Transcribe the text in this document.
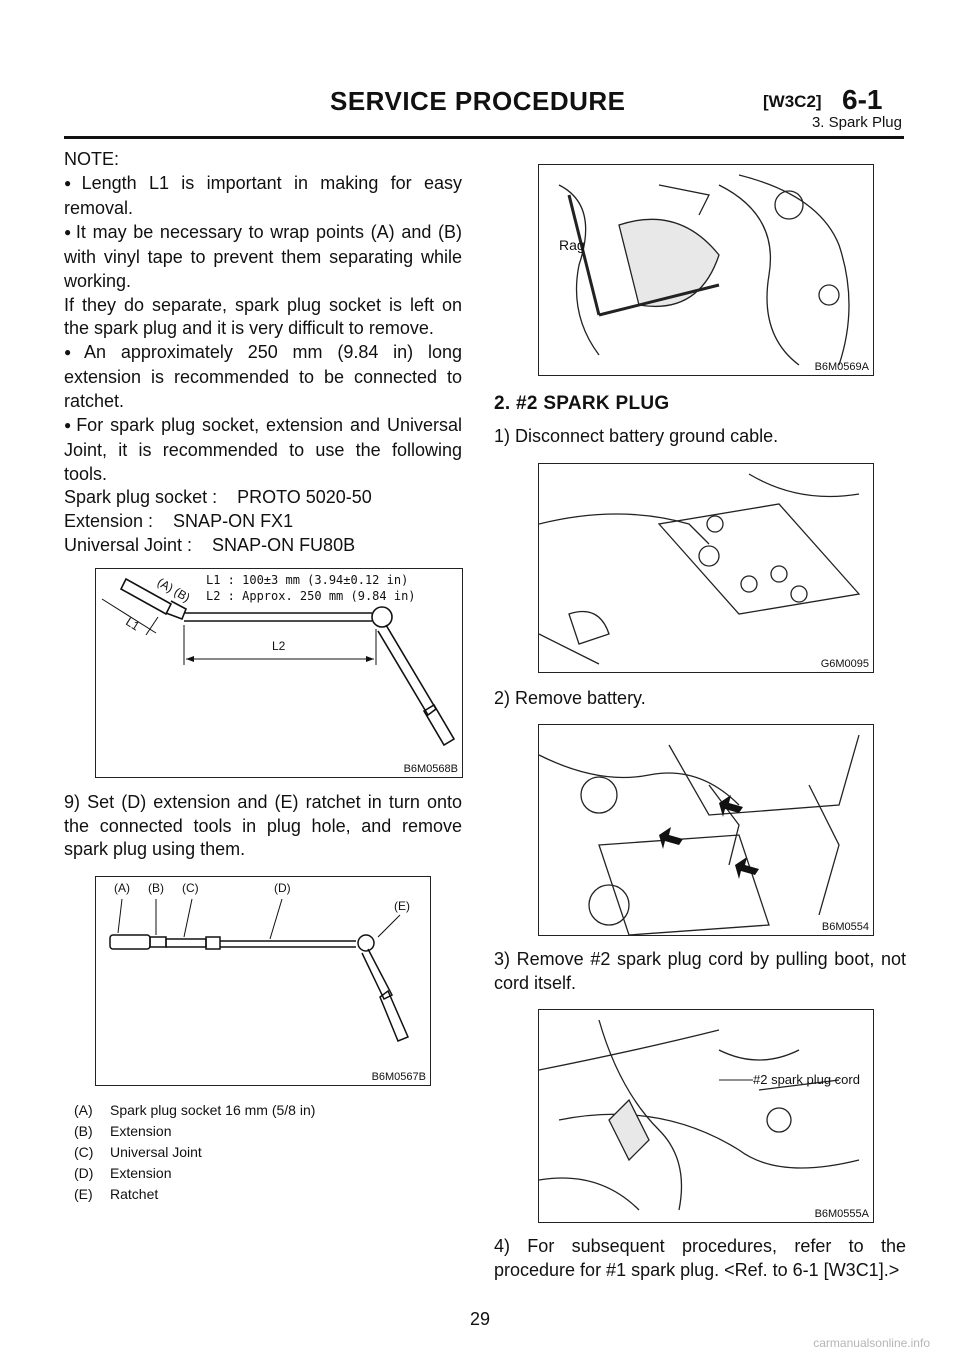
SERVICE PROCEDURE	[W3C2] 6-1
3. Spark Plug

NOTE:

● Length L1 is important in making for easy removal.

● It may be necessary to wrap points (A) and (B) with vinyl tape to prevent them separating while working.

If they do separate, spark plug socket is left on the spark plug and it is very difficult to remove.

● An approximately 250 mm (9.84 in) long extension is recommended to be connected to ratchet.

● For spark plug socket, extension and Universal Joint, it is recommended to use the following tools.

Spark plug socket :    PROTO 5020-50

Extension :    SNAP-ON FX1

Universal Joint :    SNAP-ON FU80B

L1 : 100±3 mm (3.94±0.12 in)
L2 : Approx. 250 mm (9.84 in)
(A) (B)
L1
L2
B6M0568B

9) Set (D) extension and (E) ratchet in turn onto the connected tools in plug hole, and remove spark plug using them.

(A) (B) (C)	(D)
(E)
B6M0567B
(A)	Spark plug socket 16 mm (5/8 in)
(B)	Extension
(C)	Universal Joint
(D)	Extension
(E)	Ratchet
Rag
B6M0569A

2. #2 SPARK PLUG

1) Disconnect battery ground cable.

G6M0095

2) Remove battery.

B6M0554

3) Remove #2 spark plug cord by pulling boot, not cord itself.

#2 spark plug cord
B6M0555A

4) For subsequent procedures, refer to the procedure for #1 spark plug. <Ref. to 6-1 [W3C1].>

29
carmanualsonline.info
